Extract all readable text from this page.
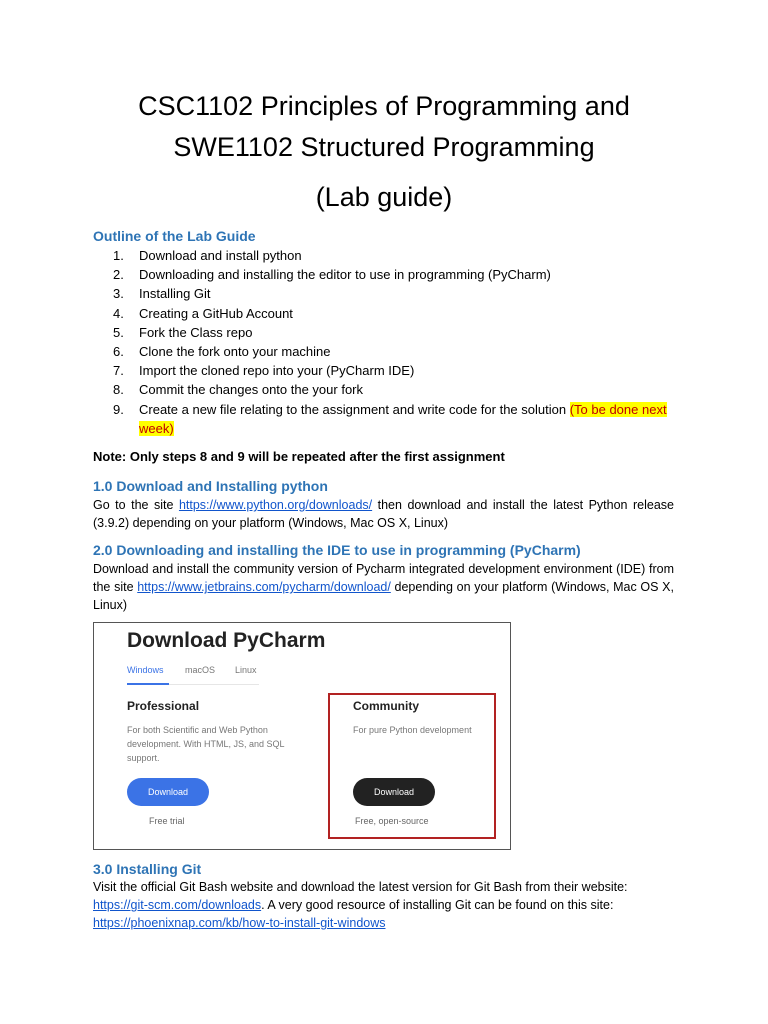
CSC1102 Principles of Programming and
SWE1102 Structured Programming
(Lab guide)
Outline of the Lab Guide
1. Download and install python
2. Downloading and installing the editor to use in programming (PyCharm)
3. Installing Git
4. Creating a GitHub Account
5. Fork the Class repo
6. Clone the fork onto your machine
7. Import the cloned repo into your (PyCharm IDE)
8. Commit the changes onto the your fork
9. Create a new file relating to the assignment and write code for the solution (To be done next week)
Note: Only steps 8 and 9 will be repeated after the first assignment
1.0 Download and Installing python
Go to the site https://www.python.org/downloads/ then download and install the latest Python release (3.9.2) depending on your platform (Windows, Mac OS X, Linux)
2.0 Downloading and installing the IDE to use in programming (PyCharm)
Download and install the community version of Pycharm integrated development environment (IDE) from the site https://www.jetbrains.com/pycharm/download/ depending on your platform (Windows, Mac OS X, Linux)
Download PyCharm
Windows macOS Linux
Professional
For both Scientific and Web Python development. With HTML, JS, and SQL support.
Download
Free trial
Community
For pure Python development
Download
Free, open-source
3.0 Installing Git
Visit the official Git Bash website and download the latest version for Git Bash from their website: https://git-scm.com/downloads. A very good resource of installing Git can be found on this site: https://phoenixnap.com/kb/how-to-install-git-windows
